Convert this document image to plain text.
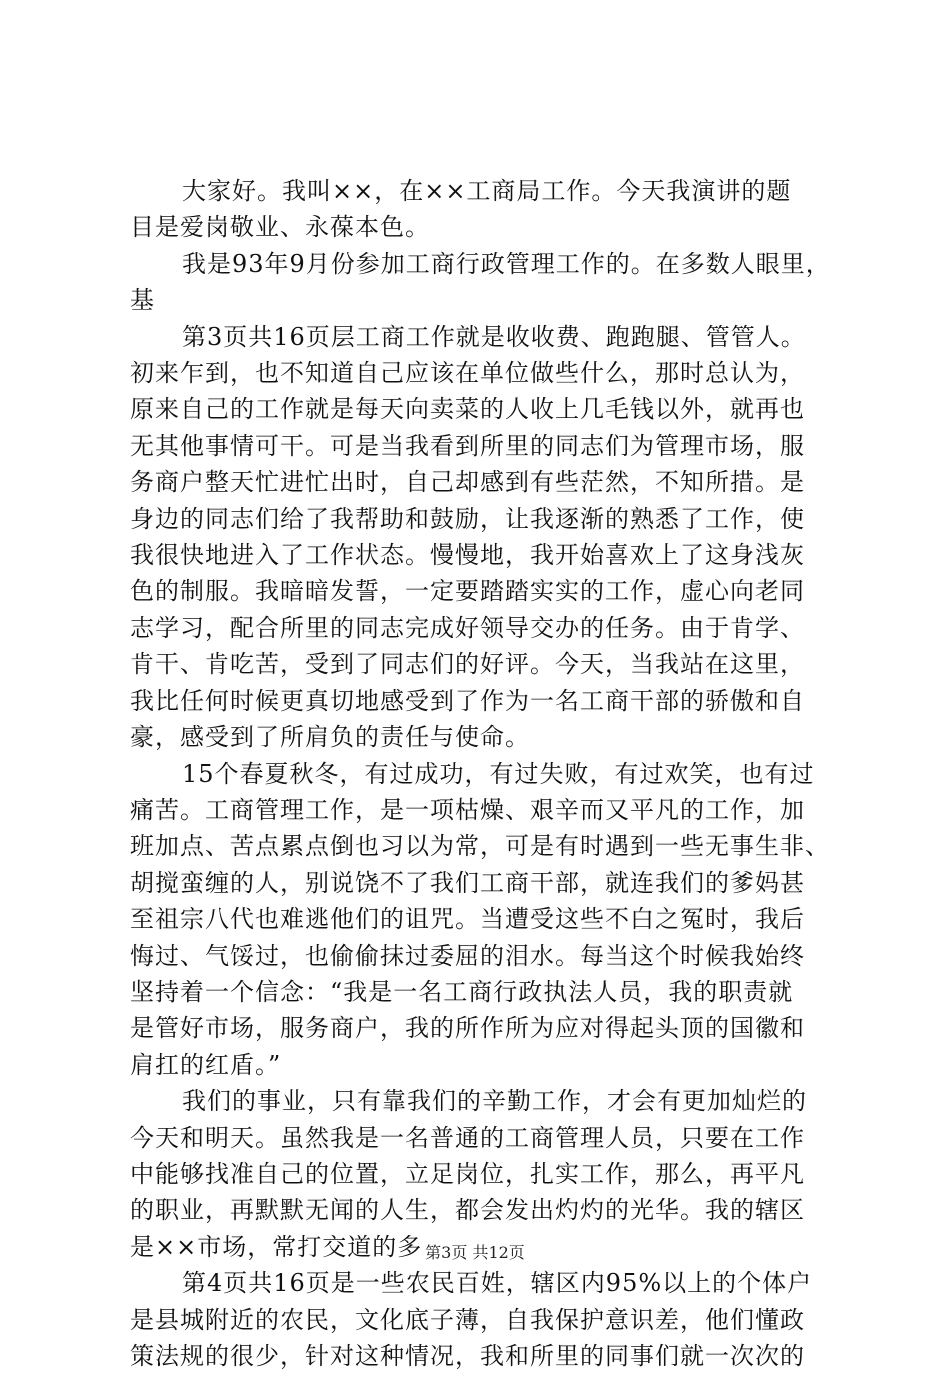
大家好。我叫××，在××工商局工作。今天我演讲的题
目是爱岗敬业、永葆本色。

我是93年9月份参加工商行政管理工作的。在多数人眼里，
基

第3页共16页层工商工作就是收收费、跑跑腿、管管人。
初来乍到，也不知道自己应该在单位做些什么，那时总认为，
原来自己的工作就是每天向卖菜的人收上几毛钱以外，就再也
无其他事情可干。可是当我看到所里的同志们为管理市场，服
务商户整天忙进忙出时，自己却感到有些茫然，不知所措。是
身边的同志们给了我帮助和鼓励，让我逐渐的熟悉了工作，使
我很快地进入了工作状态。慢慢地，我开始喜欢上了这身浅灰
色的制服。我暗暗发誓，一定要踏踏实实的工作，虚心向老同
志学习，配合所里的同志完成好领导交办的任务。由于肯学、
肯干、肯吃苦，受到了同志们的好评。今天，当我站在这里，
我比任何时候更真切地感受到了作为一名工商干部的骄傲和自
豪，感受到了所肩负的责任与使命。

15个春夏秋冬，有过成功，有过失败，有过欢笑，也有过
痛苦。工商管理工作，是一项枯燥、艰辛而又平凡的工作，加
班加点、苦点累点倒也习以为常，可是有时遇到一些无事生非、
胡搅蛮缠的人，别说饶不了我们工商干部，就连我们的爹妈甚
至祖宗八代也难逃他们的诅咒。当遭受这些不白之冤时，我后
悔过、气馁过，也偷偷抹过委屈的泪水。每当这个时候我始终
坚持着一个信念：“我是一名工商行政执法人员，我的职责就
是管好市场，服务商户，我的所作所为应对得起头顶的国徽和
肩扛的红盾。”

我们的事业，只有靠我们的辛勤工作，才会有更加灿烂的
今天和明天。虽然我是一名普通的工商管理人员，只要在工作
中能够找准自己的位置，立足岗位，扎实工作，那么，再平凡
的职业，再默默无闻的人生，都会发出灼灼的光华。我的辖区
是××市场，常打交道的多

第4页共16页是一些农民百姓，辖区内95%以上的个体户
是县城附近的农民，文化底子薄，自我保护意识差，他们懂政
策法规的很少，针对这种情况，我和所里的同事们就一次次的

第3页 共12页
